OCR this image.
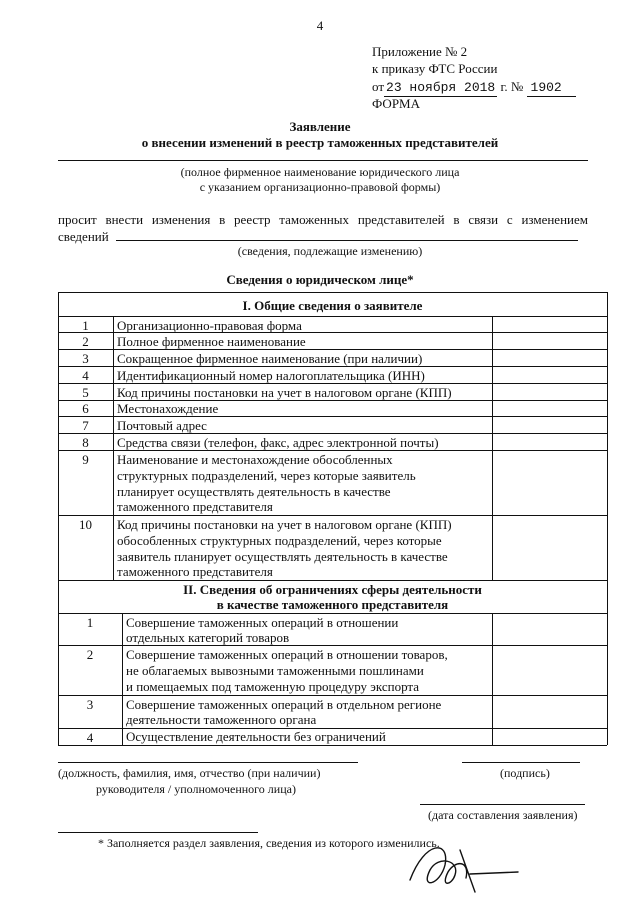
4
Приложение № 2
к приказу ФТС России
от 23 ноября 2018 г. № 1902
ФОРМА
Заявление
о внесении изменений в реестр таможенных представителей
(полное фирменное наименование юридического лица
с указанием организационно-правовой формы)
просит внести изменения в реестр таможенных представителей в связи с изменением
сведений
(сведения, подлежащие изменению)
Сведения о юридическом лице*
I. Общие сведения о заявителе
1	Организационно-правовая форма
2	Полное фирменное наименование
3	Сокращенное фирменное наименование (при наличии)
4	Идентификационный номер налогоплательщика (ИНН)
5	Код причины постановки на учет в налоговом органе (КПП)
6	Местонахождение
7	Почтовый адрес
8	Средства связи (телефон, факс, адрес электронной почты)
9	Наименование и местонахождение обособленных
структурных подразделений, через которые заявитель
планирует осуществлять деятельность в качестве
таможенного представителя
10	Код причины постановки на учет в налоговом органе (КПП)
обособленных структурных подразделений, через которые
заявитель планирует осуществлять деятельность в качестве
таможенного представителя
II. Сведения об ограничениях сферы деятельности
в качестве таможенного представителя
1	Совершение таможенных операций в отношении
отдельных категорий товаров
2	Совершение таможенных операций в отношении товаров,
не облагаемых вывозными таможенными пошлинами
и помещаемых под таможенную процедуру экспорта
3	Совершение таможенных операций в отдельном регионе
деятельности таможенного органа
4	Осуществление деятельности без ограничений
(должность, фамилия, имя, отчество (при наличии)
руководителя / уполномоченного лица)
(подпись)
(дата составления заявления)
* Заполняется раздел заявления, сведения из которого изменились.
